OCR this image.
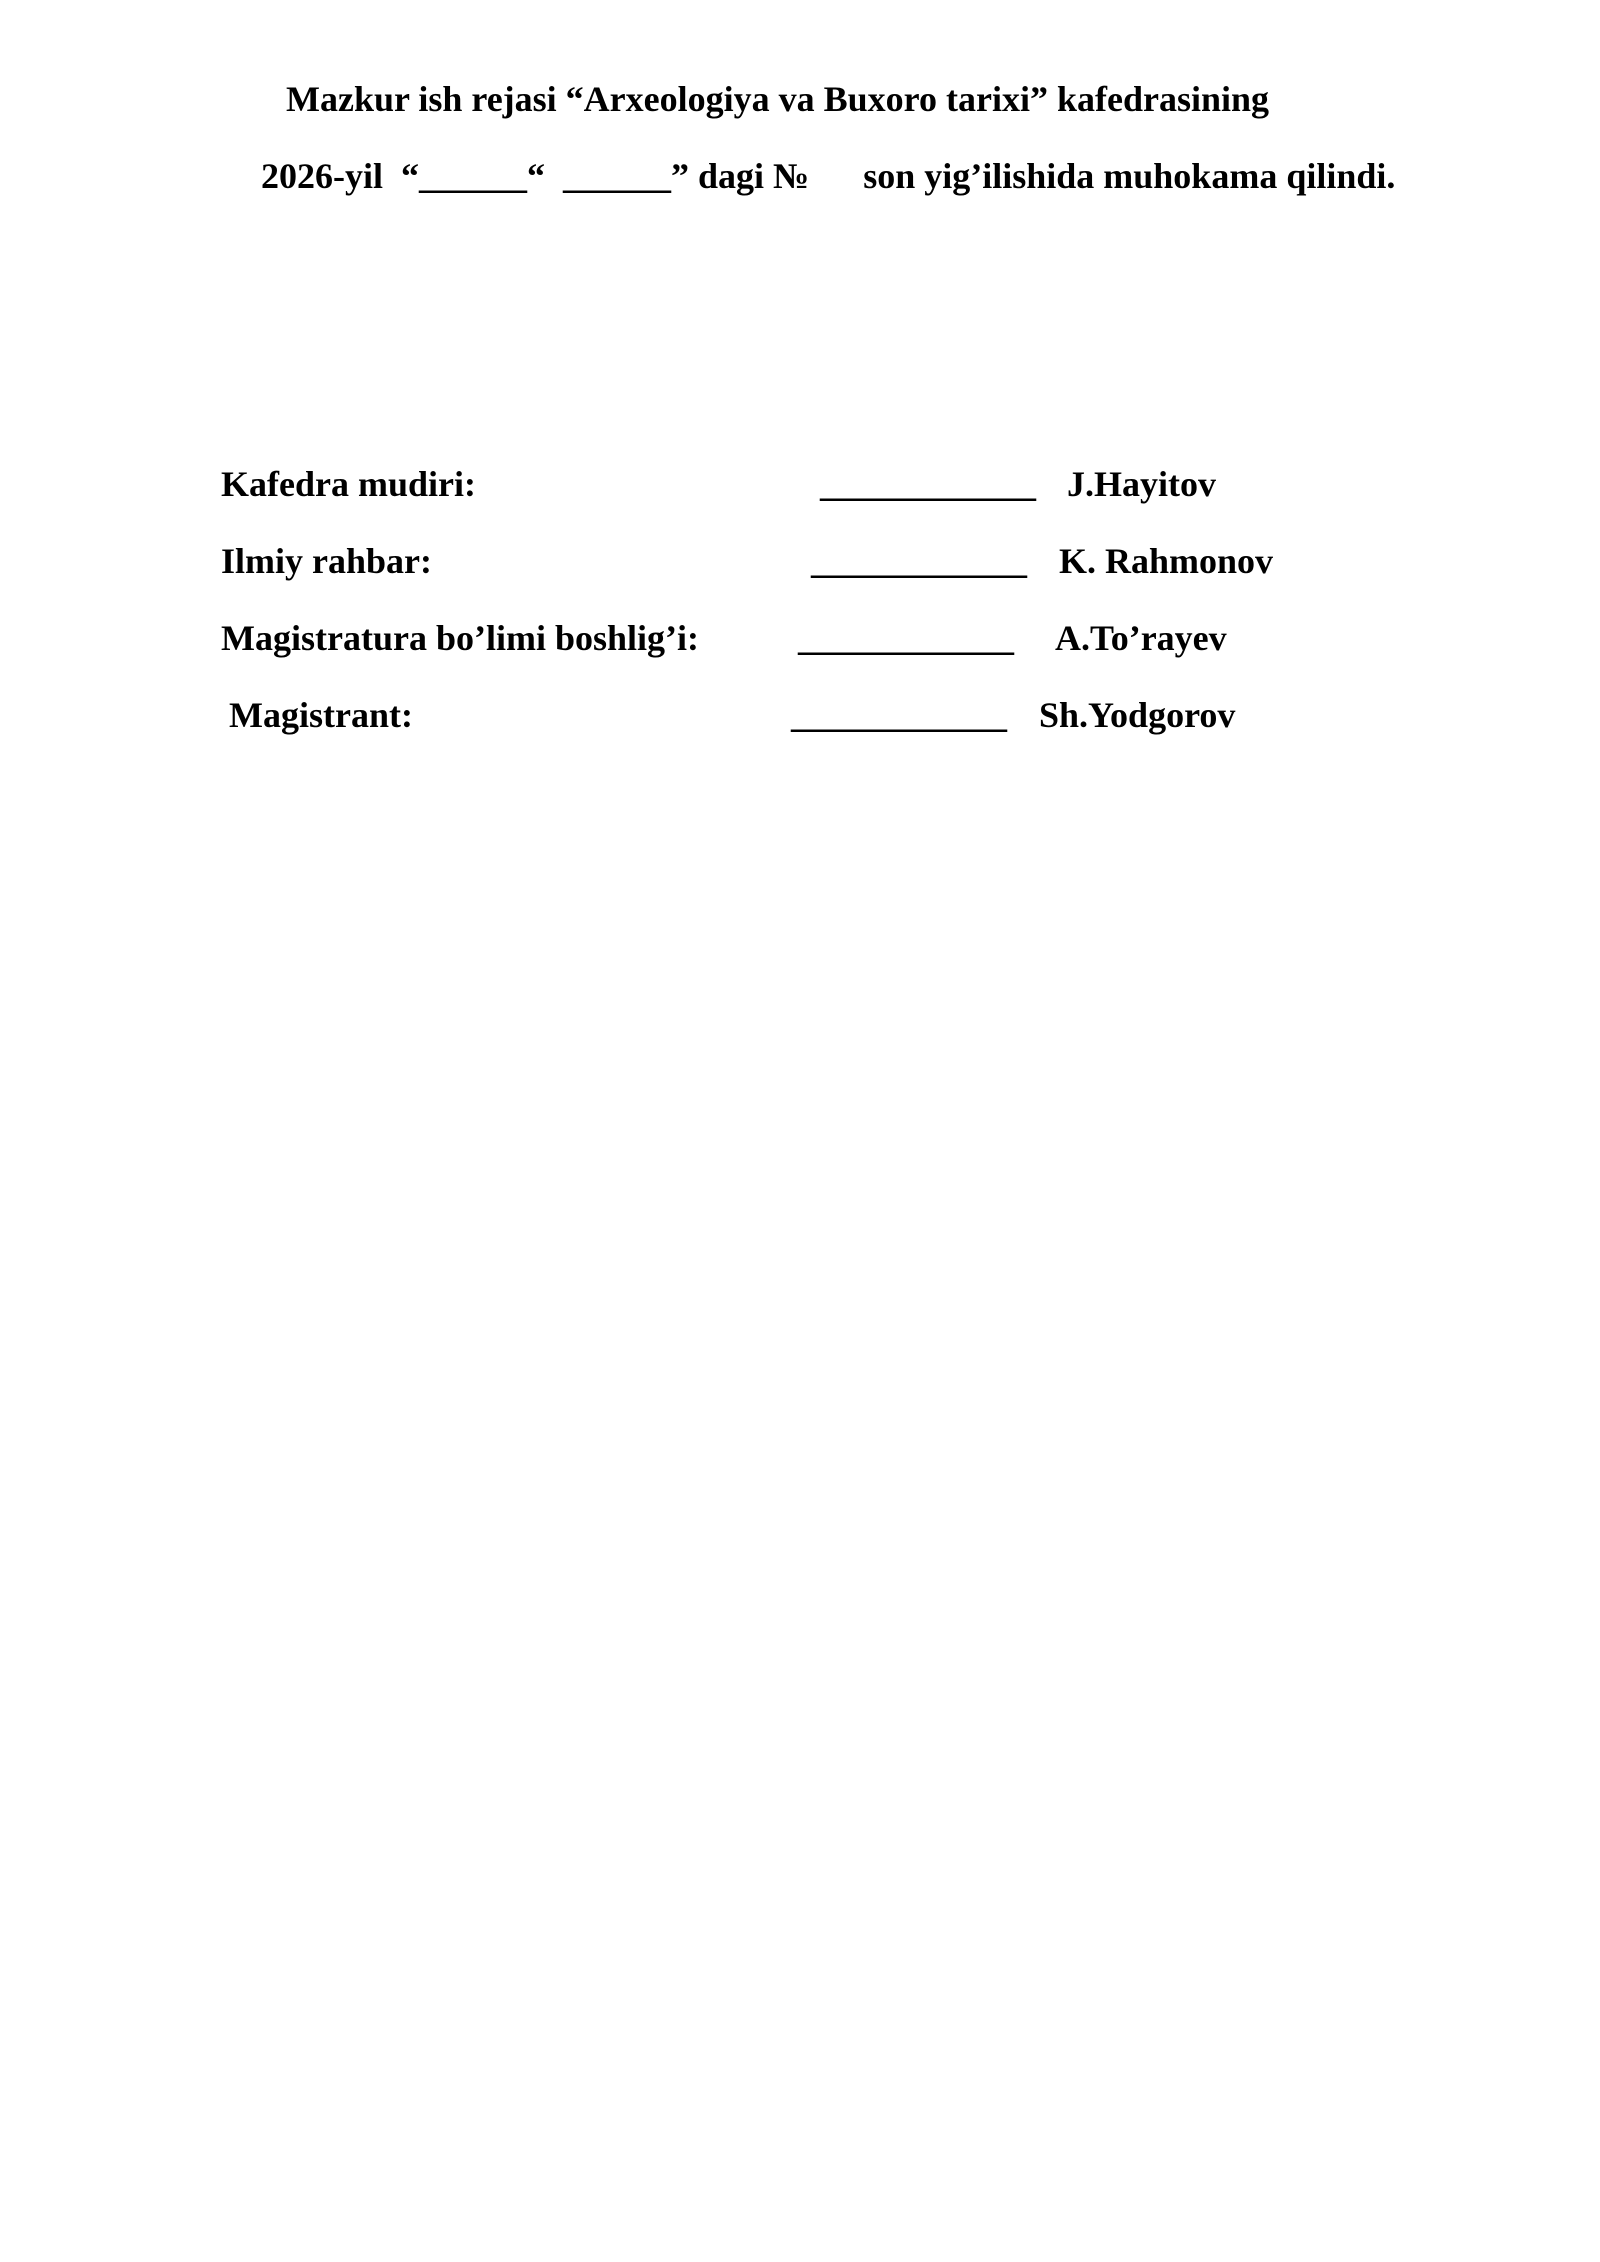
Mazkur ish rejasi “Arxeologiya va Buxoro tarixi” kafedrasining
2026-yil  “______“  ______” dagi №      son yig’ilishida muhokama qilindi.
Kafedra mudiri:	____________ J.Hayitov
Ilmiy rahbar:	____________ K. Rahmonov
Magistratura bo’limi boshlig’i:	____________ A.To’rayev
Magistrant:	____________ Sh.Yodgorov
